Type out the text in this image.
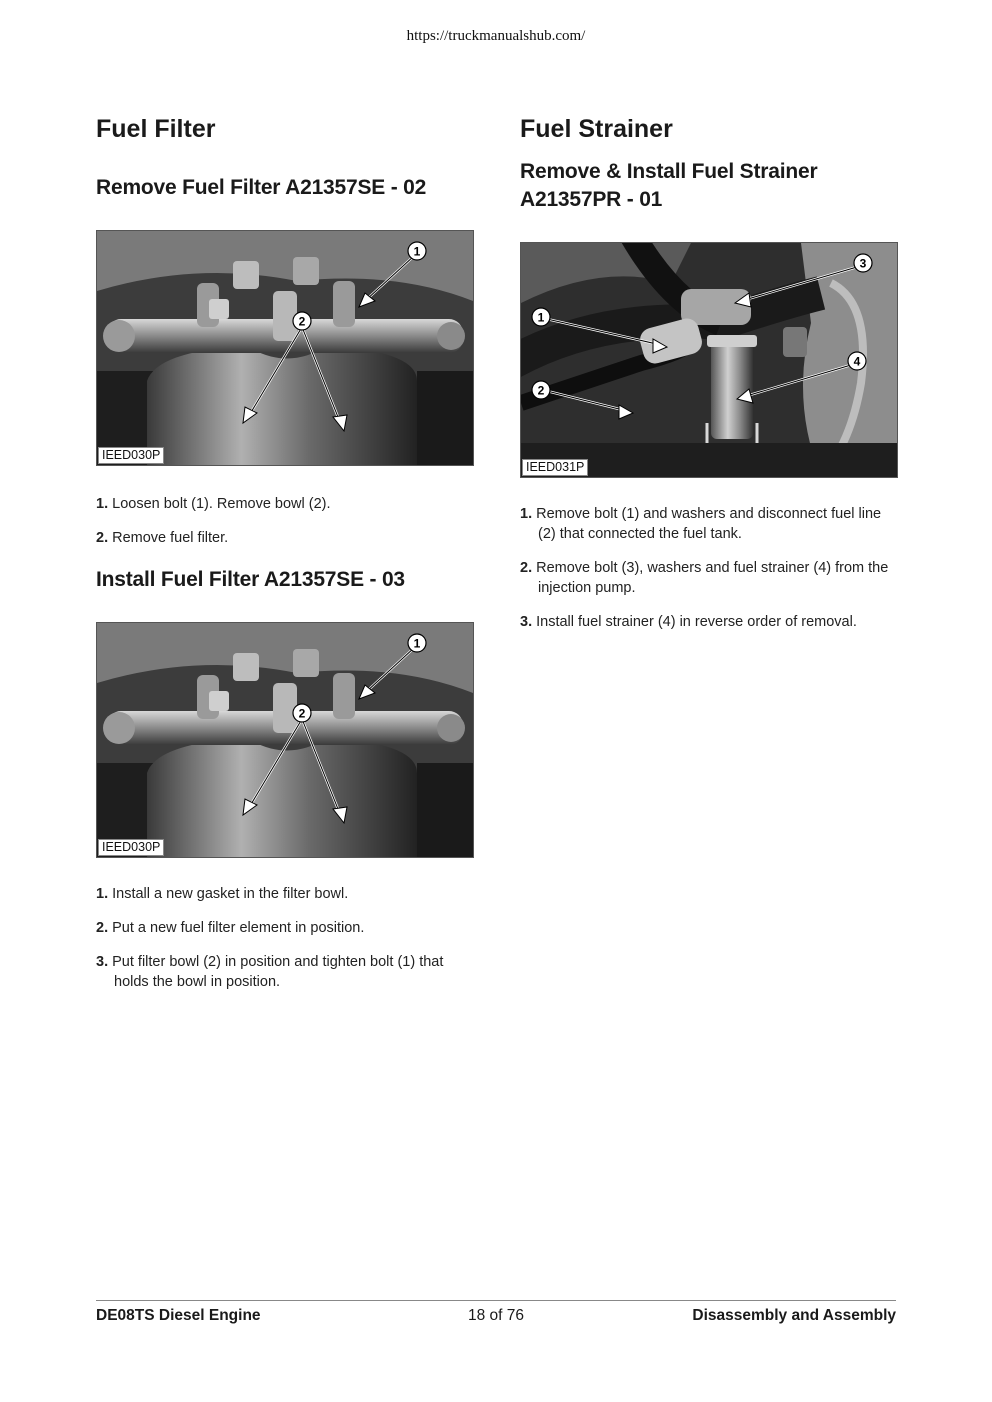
https://truckmanualshub.com/
Fuel Filter
Remove Fuel Filter A21357SE - 02
1
2
IEED030P
1. Loosen bolt (1). Remove bowl (2).
2. Remove fuel filter.
Install Fuel Filter A21357SE - 03
1
2
IEED030P
1. Install a new gasket in the filter bowl.
2. Put a new fuel filter element in position.
3. Put filter bowl (2) in position and tighten bolt (1) that holds the bowl in position.
Fuel Strainer
Remove & Install Fuel Strainer
A21357PR - 01
3
1
2
4
IEED031P
1. Remove bolt (1) and washers and disconnect fuel line (2) that connected the fuel tank.
2. Remove bolt (3), washers and fuel strainer (4) from the injection pump.
3. Install fuel strainer (4) in reverse order of removal.
DE08TS Diesel Engine	18 of 76	Disassembly and Assembly
